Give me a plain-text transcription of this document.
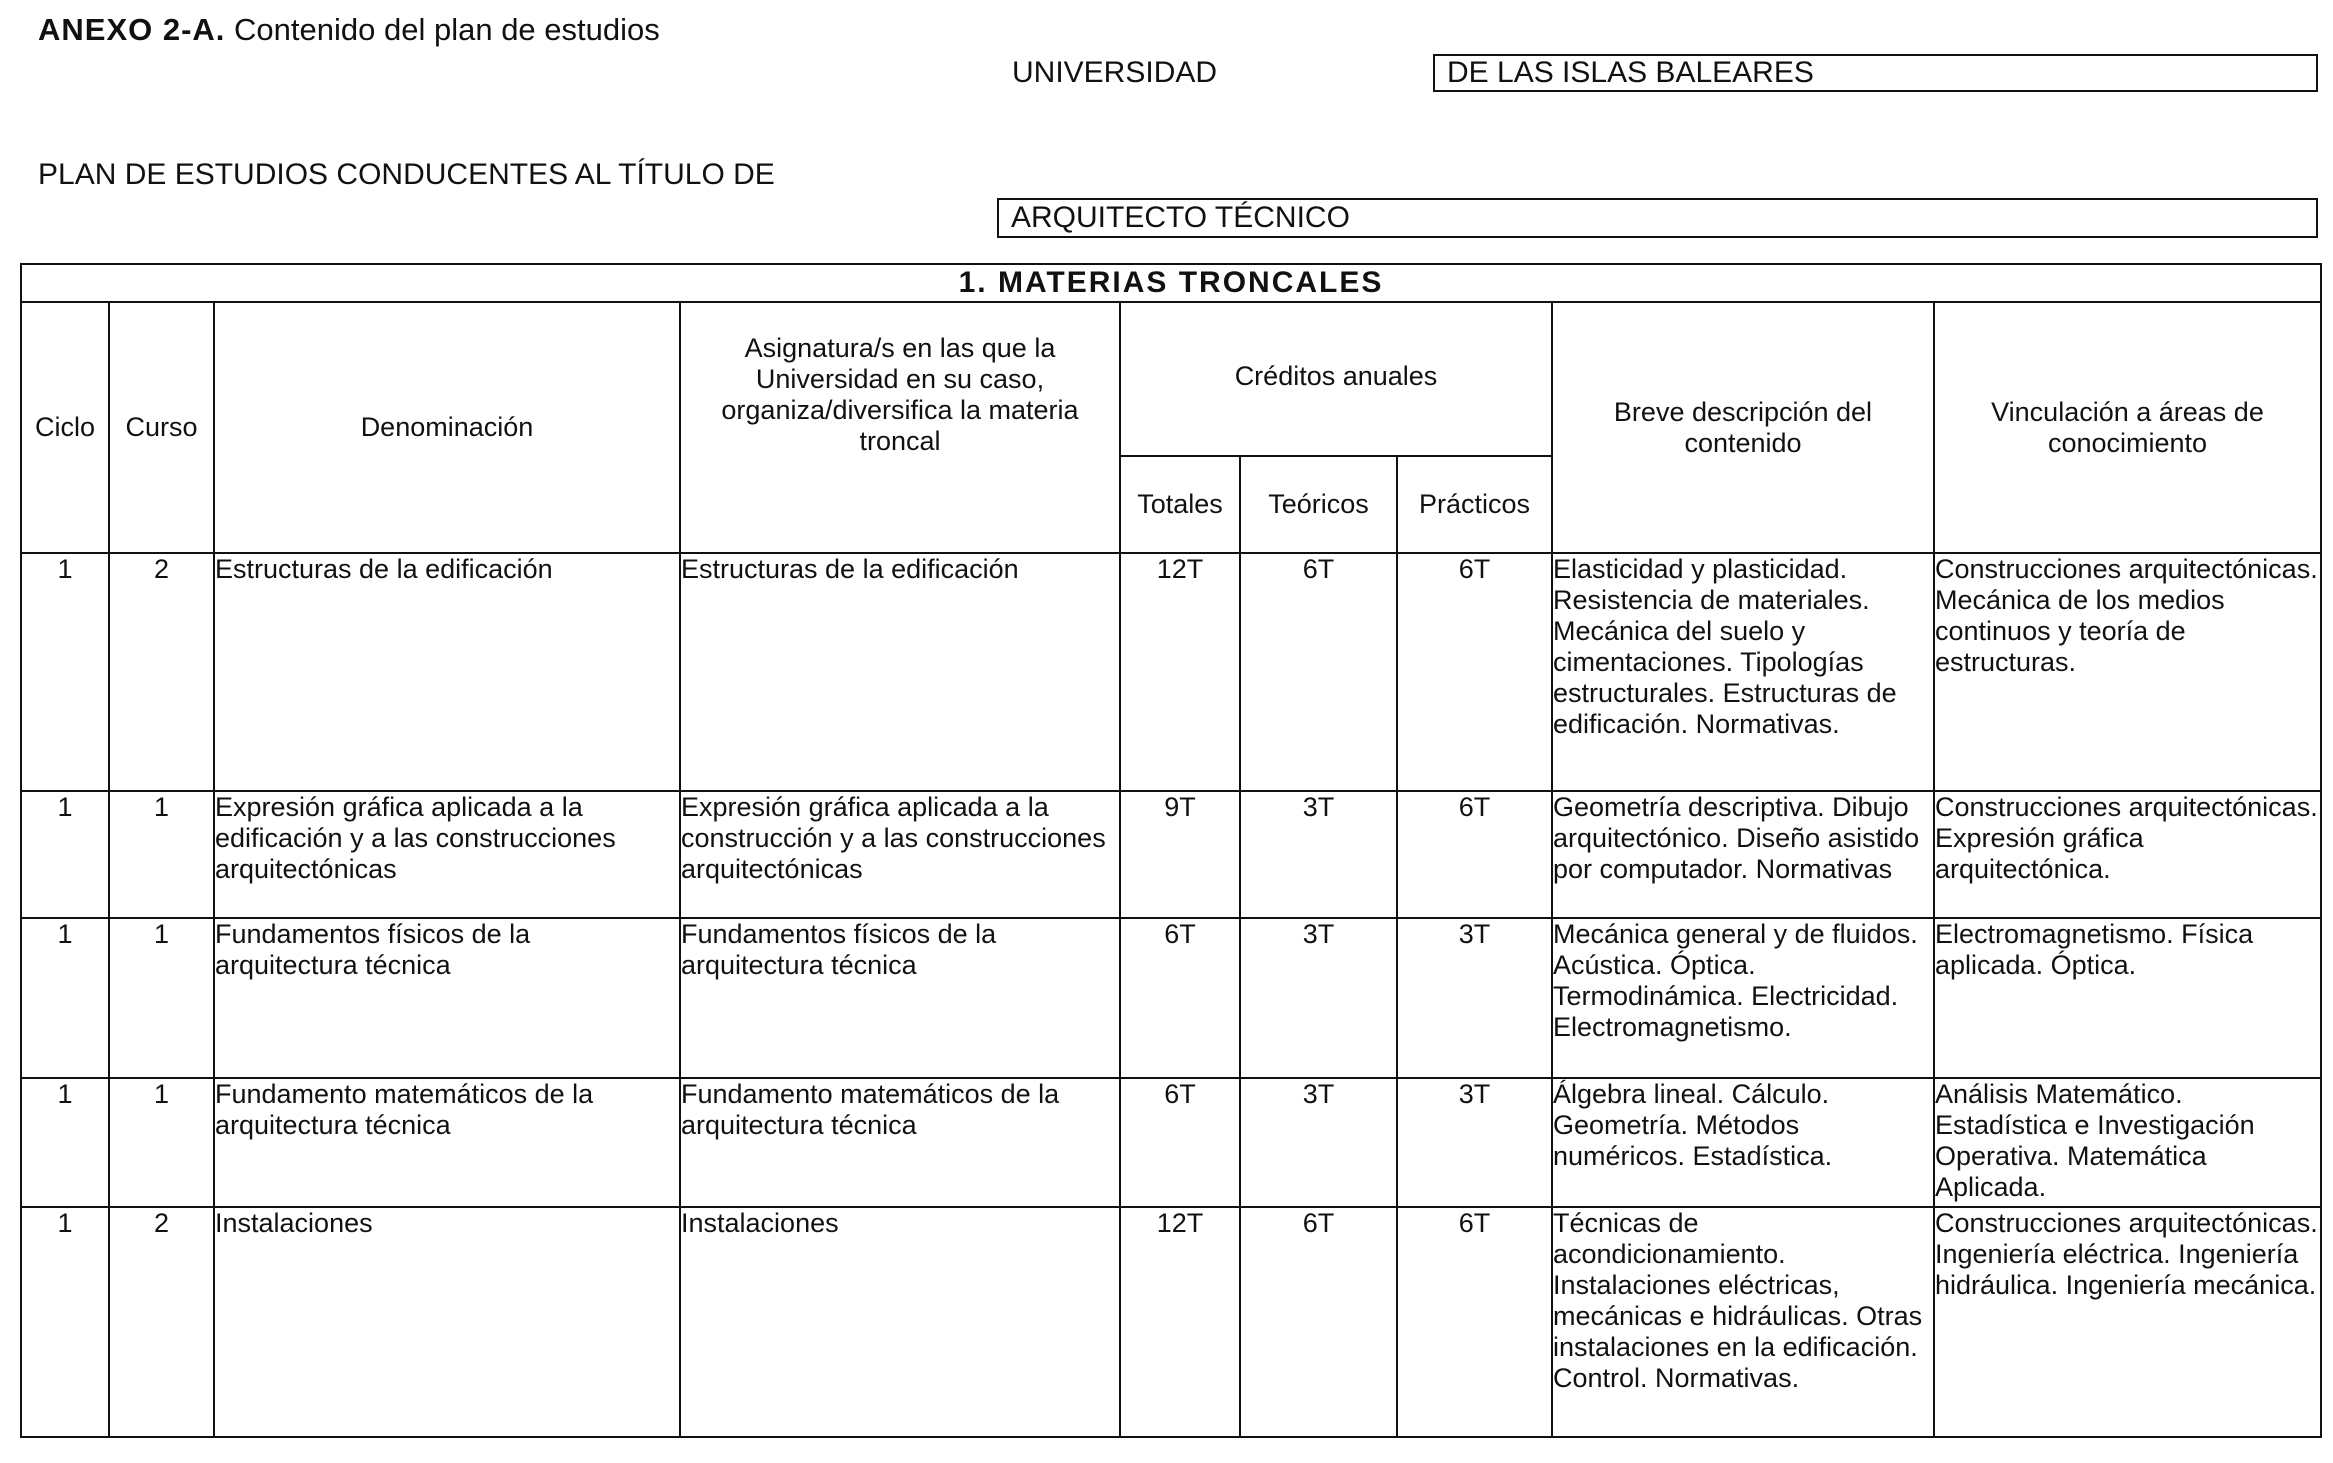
ANEXO 2-A. Contenido del plan de estudios
UNIVERSIDAD	DE LAS ISLAS BALEARES
PLAN DE ESTUDIOS CONDUCENTES AL TÍTULO DE
ARQUITECTO TÉCNICO
1. MATERIAS TRONCALES								
Ciclo	Curso	Denominación	Asignatura/s en las que la Universidad en su caso, organiza/diversifica la materia troncal	Créditos anuales			Breve descripción del contenido	Vinculación a áreas de conocimiento
				Totales	Teóricos	Prácticos		
1	2	Estructuras de la edificación	Estructuras de la edificación	12T	6T	6T	Elasticidad y plasticidad. Resistencia de materiales. Mecánica del suelo y cimentaciones. Tipologías estructurales. Estructuras de edificación. Normativas.	Construcciones arquitectónicas. Mecánica de los medios continuos y teoría de estructuras.
1	1	Expresión gráfica aplicada a la edificación y a las construcciones arquitectónicas	Expresión gráfica aplicada a la construcción y a las construcciones arquitectónicas	9T	3T	6T	Geometría descriptiva. Dibujo arquitectónico. Diseño asistido por computador. Normativas	Construcciones arquitectónicas. Expresión gráfica arquitectónica.
1	1	Fundamentos físicos de la arquitectura técnica	Fundamentos físicos de la arquitectura técnica	6T	3T	3T	Mecánica general y de fluidos. Acústica. Óptica. Termodinámica. Electricidad. Electromagnetismo.	Electromagnetismo. Física aplicada. Óptica.
1	1	Fundamento matemáticos de la arquitectura técnica	Fundamento matemáticos de la arquitectura técnica	6T	3T	3T	Álgebra lineal. Cálculo. Geometría. Métodos numéricos. Estadística.	Análisis Matemático. Estadística e Investigación Operativa. Matemática Aplicada.
1	2	Instalaciones	Instalaciones	12T	6T	6T	Técnicas de acondicionamiento. Instalaciones eléctricas, mecánicas e hidráulicas. Otras instalaciones en la edificación. Control. Normativas.	Construcciones arquitectónicas. Ingeniería eléctrica. Ingeniería hidráulica. Ingeniería mecánica.
